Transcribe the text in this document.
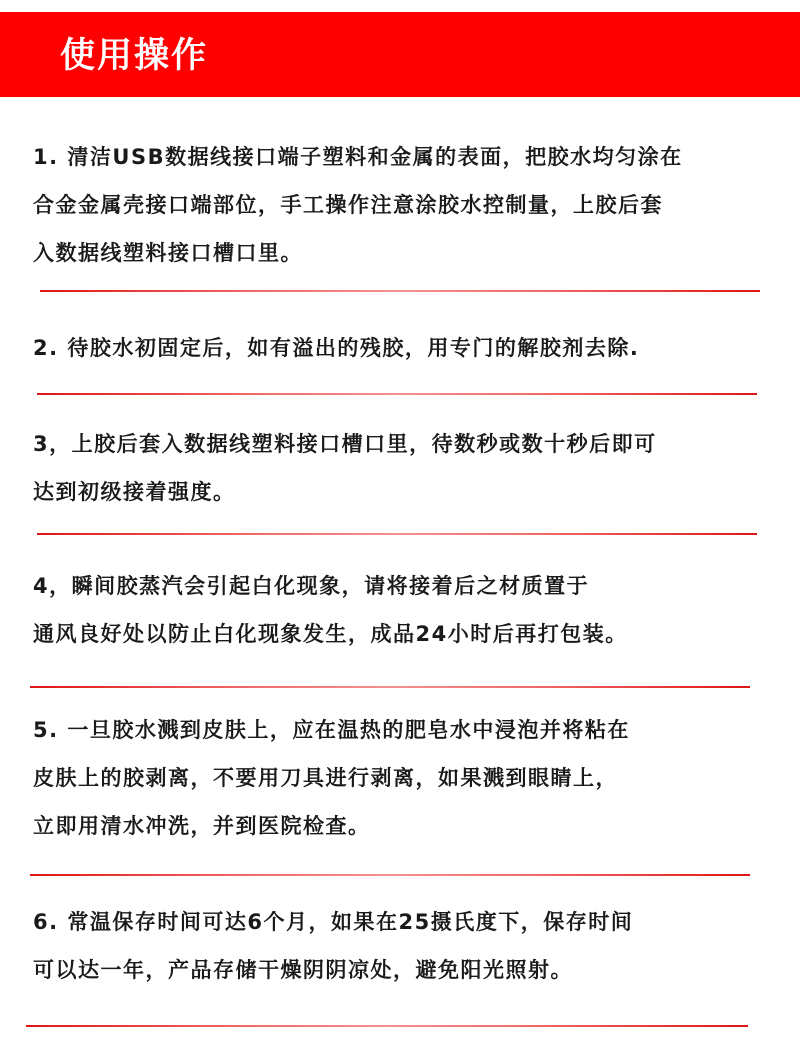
使用操作
1. 清洁USB数据线接口端子塑料和金属的表面，把胶水均匀涂在
合金金属壳接口端部位，手工操作注意涂胶水控制量，上胶后套
入数据线塑料接口槽口里。
2. 待胶水初固定后，如有溢出的残胶，用专门的解胶剂去除.
3，上胶后套入数据线塑料接口槽口里，待数秒或数十秒后即可
达到初级接着强度。
4，瞬间胶蒸汽会引起白化现象，请将接着后之材质置于
通风良好处以防止白化现象发生，成品24小时后再打包装。
5. 一旦胶水溅到皮肤上，应在温热的肥皂水中浸泡并将粘在
皮肤上的胶剥离，不要用刀具进行剥离，如果溅到眼睛上，
立即用清水冲洗，并到医院检查。
6. 常温保存时间可达6个月，如果在25摄氏度下，保存时间
可以达一年，产品存储干燥阴阴凉处，避免阳光照射。
